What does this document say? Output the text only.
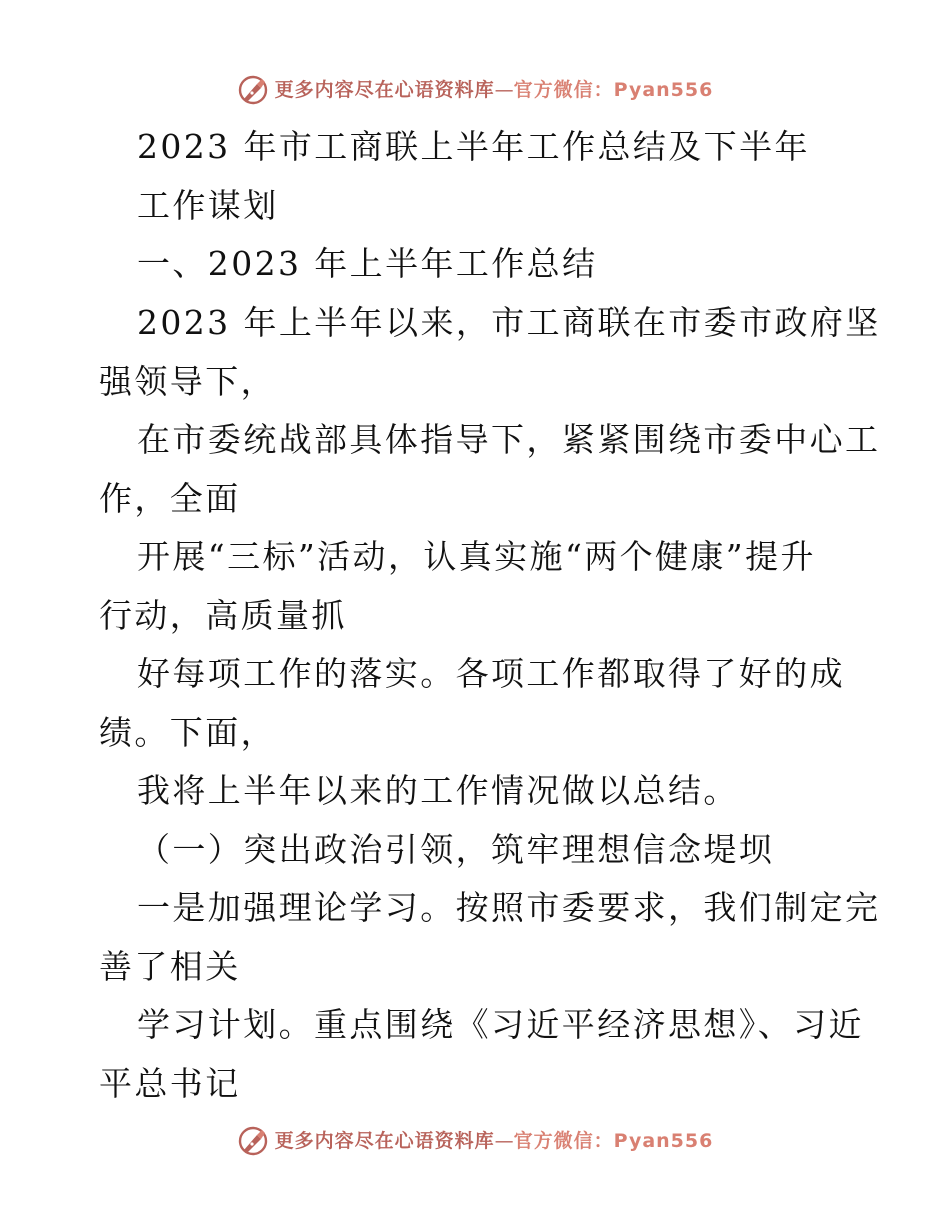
更多内容尽在心语资料库 — 官方微信：Pyan556
2023 年市工商联上半年工作总结及下半年
工作谋划
一、2023 年上半年工作总结
2023 年上半年以来，市工商联在市委市政府坚
强领导下，
在市委统战部具体指导下，紧紧围绕市委中心工
作，全面
开展“三标”活动，认真实施“两个健康”提升
行动，高质量抓
好每项工作的落实。各项工作都取得了好的成
绩。下面，
我将上半年以来的工作情况做以总结。
（一）突出政治引领，筑牢理想信念堤坝
一是加强理论学习。按照市委要求，我们制定完
善了相关
学习计划。重点围绕《习近平经济思想》、习近
平总书记
更多内容尽在心语资料库 — 官方微信：Pyan556
